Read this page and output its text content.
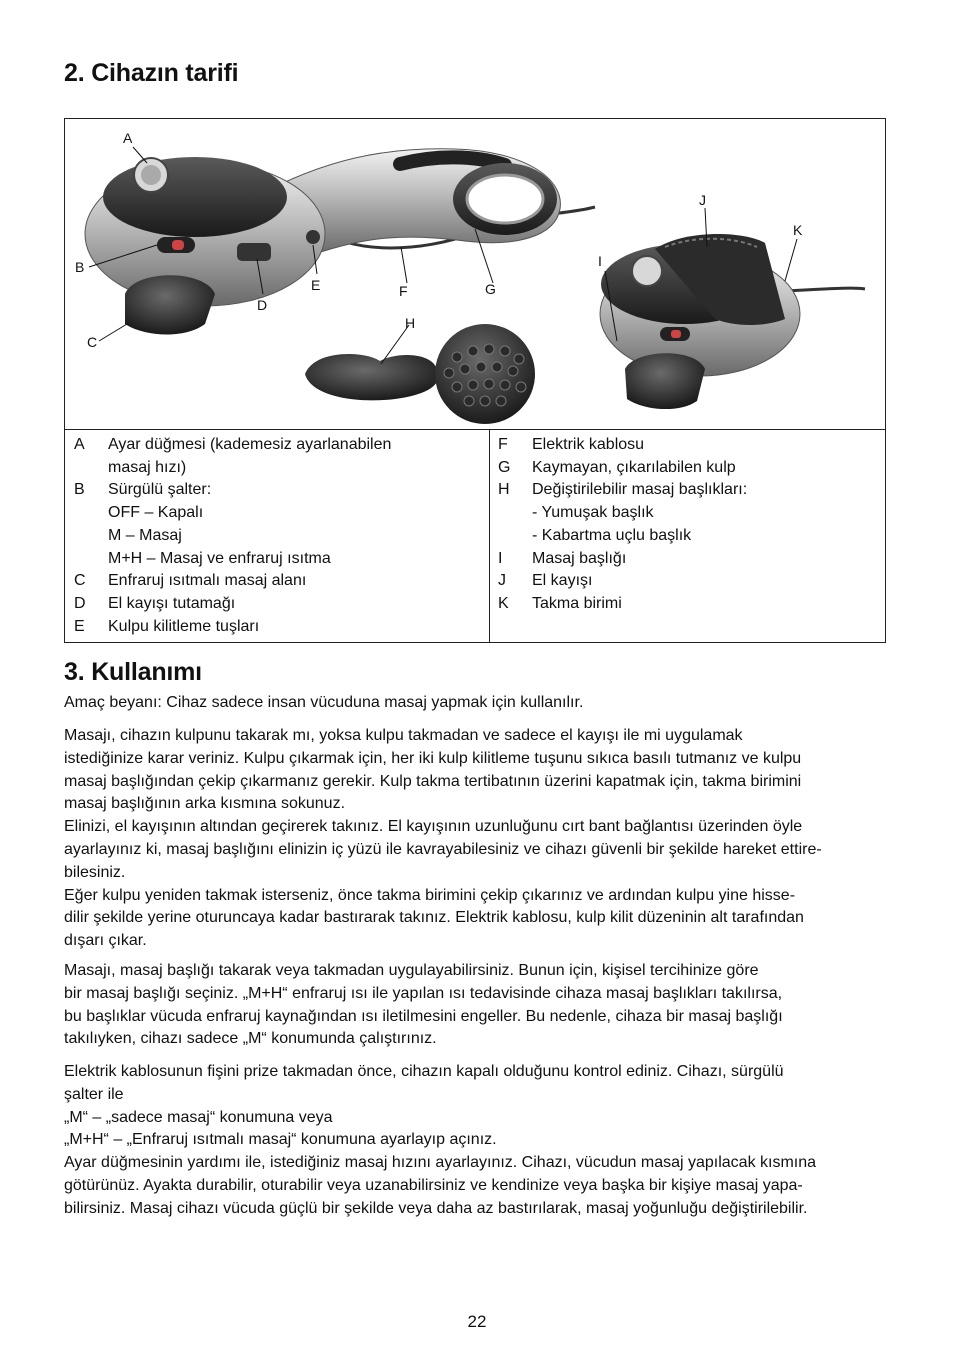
2. Cihazın tarifi
A
B
C
D
E	F	G
H
I
J
K
A	Ayar düğmesi (kademesiz ayarlanabilen
masaj hızı)
B	Sürgülü şalter:
OFF – Kapalı
M – Masaj
M+H – Masaj ve enfraruj ısıtma
C	Enfraruj ısıtmalı masaj alanı
D	El kayışı tutamağı
E	Kulpu kilitleme tuşları
F	Elektrik kablosu
G	Kaymayan, çıkarılabilen kulp
H	Değiştirilebilir masaj başlıkları:
- Yumuşak başlık
- Kabartma uçlu başlık
I	Masaj başlığı
J	El kayışı
K	Takma birimi
3. Kullanımı

Amaç beyanı: Cihaz sadece insan vücuduna masaj yapmak için kullanılır.

Masajı, cihazın kulpunu takarak mı, yoksa kulpu takmadan ve sadece el kayışı ile mi uygulamak
istediğinize karar veriniz. Kulpu çıkarmak için, her iki kulp kilitleme tuşunu sıkıca basılı tutmanız ve kulpu
masaj başlığından çekip çıkarmanız gerekir. Kulp takma tertibatının üzerini kapatmak için, takma birimini
masaj başlığının arka kısmına sokunuz.
Elinizi, el kayışının altından geçirerek takınız. El kayışının uzunluğunu cırt bant bağlantısı üzerinden öyle
ayarlayınız ki, masaj başlığını elinizin iç yüzü ile kavrayabilesiniz ve cihazı güvenli bir şekilde hareket ettire-
bilesiniz.
Eğer kulpu yeniden takmak isterseniz, önce takma birimini çekip çıkarınız ve ardından kulpu yine hisse-
dilir şekilde yerine oturuncaya kadar bastırarak takınız. Elektrik kablosu, kulp kilit düzeninin alt tarafından
dışarı çıkar.
Masajı, masaj başlığı takarak veya takmadan uygulayabilirsiniz. Bunun için, kişisel tercihinize göre
bir masaj başlığı seçiniz. „M+H“ enfraruj ısı ile yapılan ısı tedavisinde cihaza masaj başlıkları takılırsa,
bu başlıklar vücuda enfraruj kaynağından ısı iletilmesini engeller. Bu nedenle, cihaza bir masaj başlığı
takılıyken, cihazı sadece „M“ konumunda çalıştırınız.
Elektrik kablosunun fişini prize takmadan önce, cihazın kapalı olduğunu kontrol ediniz. Cihazı, sürgülü
şalter ile
„M“ – „sadece masaj“ konumuna veya
„M+H“ – „Enfraruj ısıtmalı masaj“ konumuna ayarlayıp açınız.
Ayar düğmesinin yardımı ile, istediğiniz masaj hızını ayarlayınız. Cihazı, vücudun masaj yapılacak kısmına
götürünüz. Ayakta durabilir, oturabilir veya uzanabilirsiniz ve kendinize veya başka bir kişiye masaj yapa-
bilirsiniz. Masaj cihazı vücuda güçlü bir şekilde veya daha az bastırılarak, masaj yoğunluğu değiştirilebilir.
22
